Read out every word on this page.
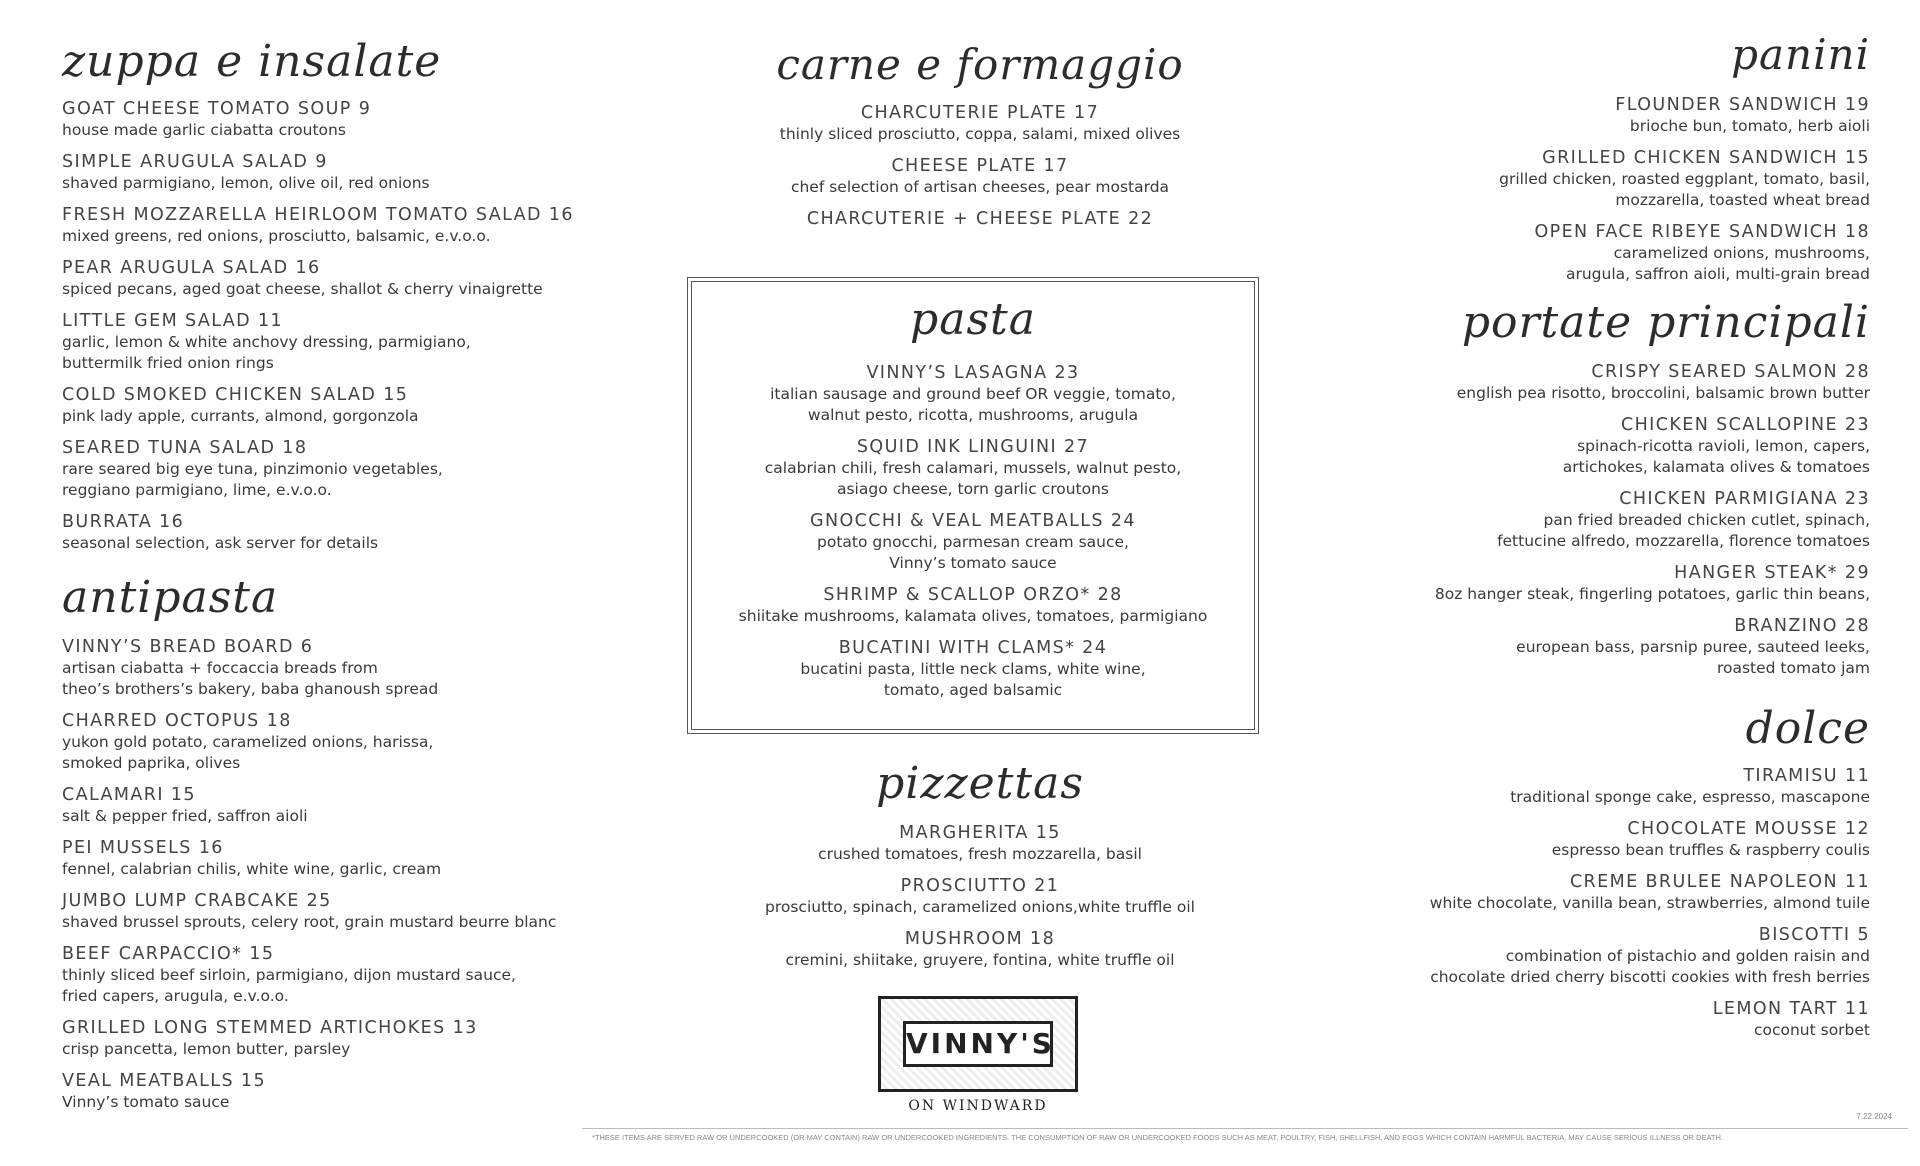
zuppa e insalate
GOAT CHEESE TOMATO SOUP 9
house made garlic ciabatta croutons
SIMPLE ARUGULA SALAD 9
shaved parmigiano, lemon, olive oil, red onions
FRESH MOZZARELLA HEIRLOOM TOMATO SALAD 16
mixed greens, red onions, prosciutto, balsamic, e.v.o.o.
PEAR ARUGULA SALAD 16
spiced pecans, aged goat cheese, shallot & cherry vinaigrette
LITTLE GEM SALAD 11
garlic, lemon & white anchovy dressing, parmigiano,
buttermilk fried onion rings
COLD SMOKED CHICKEN SALAD 15
pink lady apple, currants, almond, gorgonzola
SEARED TUNA SALAD 18
rare seared big eye tuna, pinzimonio vegetables,
reggiano parmigiano, lime, e.v.o.o.
BURRATA 16
seasonal selection, ask server for details
antipasta
VINNY’S BREAD BOARD 6
artisan ciabatta + foccaccia breads from
theo’s brothers’s bakery, baba ghanoush spread
CHARRED OCTOPUS 18
yukon gold potato, caramelized onions, harissa,
smoked paprika, olives
CALAMARI 15
salt & pepper fried, saffron aioli
PEI MUSSELS 16
fennel, calabrian chilis, white wine, garlic, cream
JUMBO LUMP CRABCAKE 25
shaved brussel sprouts, celery root, grain mustard beurre blanc
BEEF CARPACCIO* 15
thinly sliced beef sirloin, parmigiano, dijon mustard sauce,
fried capers, arugula, e.v.o.o.
GRILLED LONG STEMMED ARTICHOKES 13
crisp pancetta, lemon butter, parsley
VEAL MEATBALLS 15
Vinny’s tomato sauce
carne e formaggio
CHARCUTERIE PLATE 17
thinly sliced prosciutto, coppa, salami, mixed olives
CHEESE PLATE 17
chef selection of artisan cheeses, pear mostarda
CHARCUTERIE + CHEESE PLATE 22
pasta
VINNY’S LASAGNA 23
italian sausage and ground beef OR veggie, tomato,
walnut pesto, ricotta, mushrooms, arugula
SQUID INK LINGUINI 27
calabrian chili, fresh calamari, mussels, walnut pesto,
asiago cheese, torn garlic croutons
GNOCCHI & VEAL MEATBALLS 24
potato gnocchi, parmesan cream sauce,
Vinny’s tomato sauce
SHRIMP & SCALLOP ORZO* 28
shiitake mushrooms, kalamata olives, tomatoes, parmigiano
BUCATINI WITH CLAMS* 24
bucatini pasta, little neck clams, white wine,
tomato, aged balsamic
pizzettas
MARGHERITA 15
crushed tomatoes, fresh mozzarella, basil
PROSCIUTTO 21
prosciutto, spinach, caramelized onions,white truffle oil
MUSHROOM 18
cremini, shiitake, gruyere, fontina, white truffle oil
VINNY'S
ON WINDWARD
panini
FLOUNDER SANDWICH 19
brioche bun, tomato, herb aioli
GRILLED CHICKEN SANDWICH 15
grilled chicken, roasted eggplant, tomato, basil,
mozzarella, toasted wheat bread
OPEN FACE RIBEYE SANDWICH 18
caramelized onions, mushrooms,
arugula, saffron aioli, multi-grain bread
portate principali
CRISPY SEARED SALMON 28
english pea risotto, broccolini, balsamic brown butter
CHICKEN SCALLOPINE 23
spinach-ricotta ravioli, lemon, capers,
artichokes, kalamata olives & tomatoes
CHICKEN PARMIGIANA 23
pan fried breaded chicken cutlet, spinach,
fettucine alfredo, mozzarella, florence tomatoes
HANGER STEAK* 29
8oz hanger steak, fingerling potatoes, garlic thin beans,
BRANZINO 28
european bass, parsnip puree, sauteed leeks,
roasted tomato jam
dolce
TIRAMISU 11
traditional sponge cake, espresso, mascapone
CHOCOLATE MOUSSE 12
espresso bean truffles & raspberry coulis
CREME BRULEE NAPOLEON 11
white chocolate, vanilla bean, strawberries, almond tuile
BISCOTTI 5
combination of pistachio and golden raisin and
chocolate dried cherry biscotti cookies with fresh berries
LEMON TART 11
coconut sorbet
*THESE ITEMS ARE SERVED RAW OR UNDERCOOKED (OR MAY CONTAIN) RAW OR UNDERCOOKED INGREDIENTS. THE CONSUMPTION OF RAW OR UNDERCOOKED FOODS SUCH AS MEAT, POULTRY, FISH, SHELLFISH, AND EGGS WHICH CONTAIN HARMFUL BACTERIA, MAY CAUSE SERIOUS ILLNESS OR DEATH.
7.22.2024
